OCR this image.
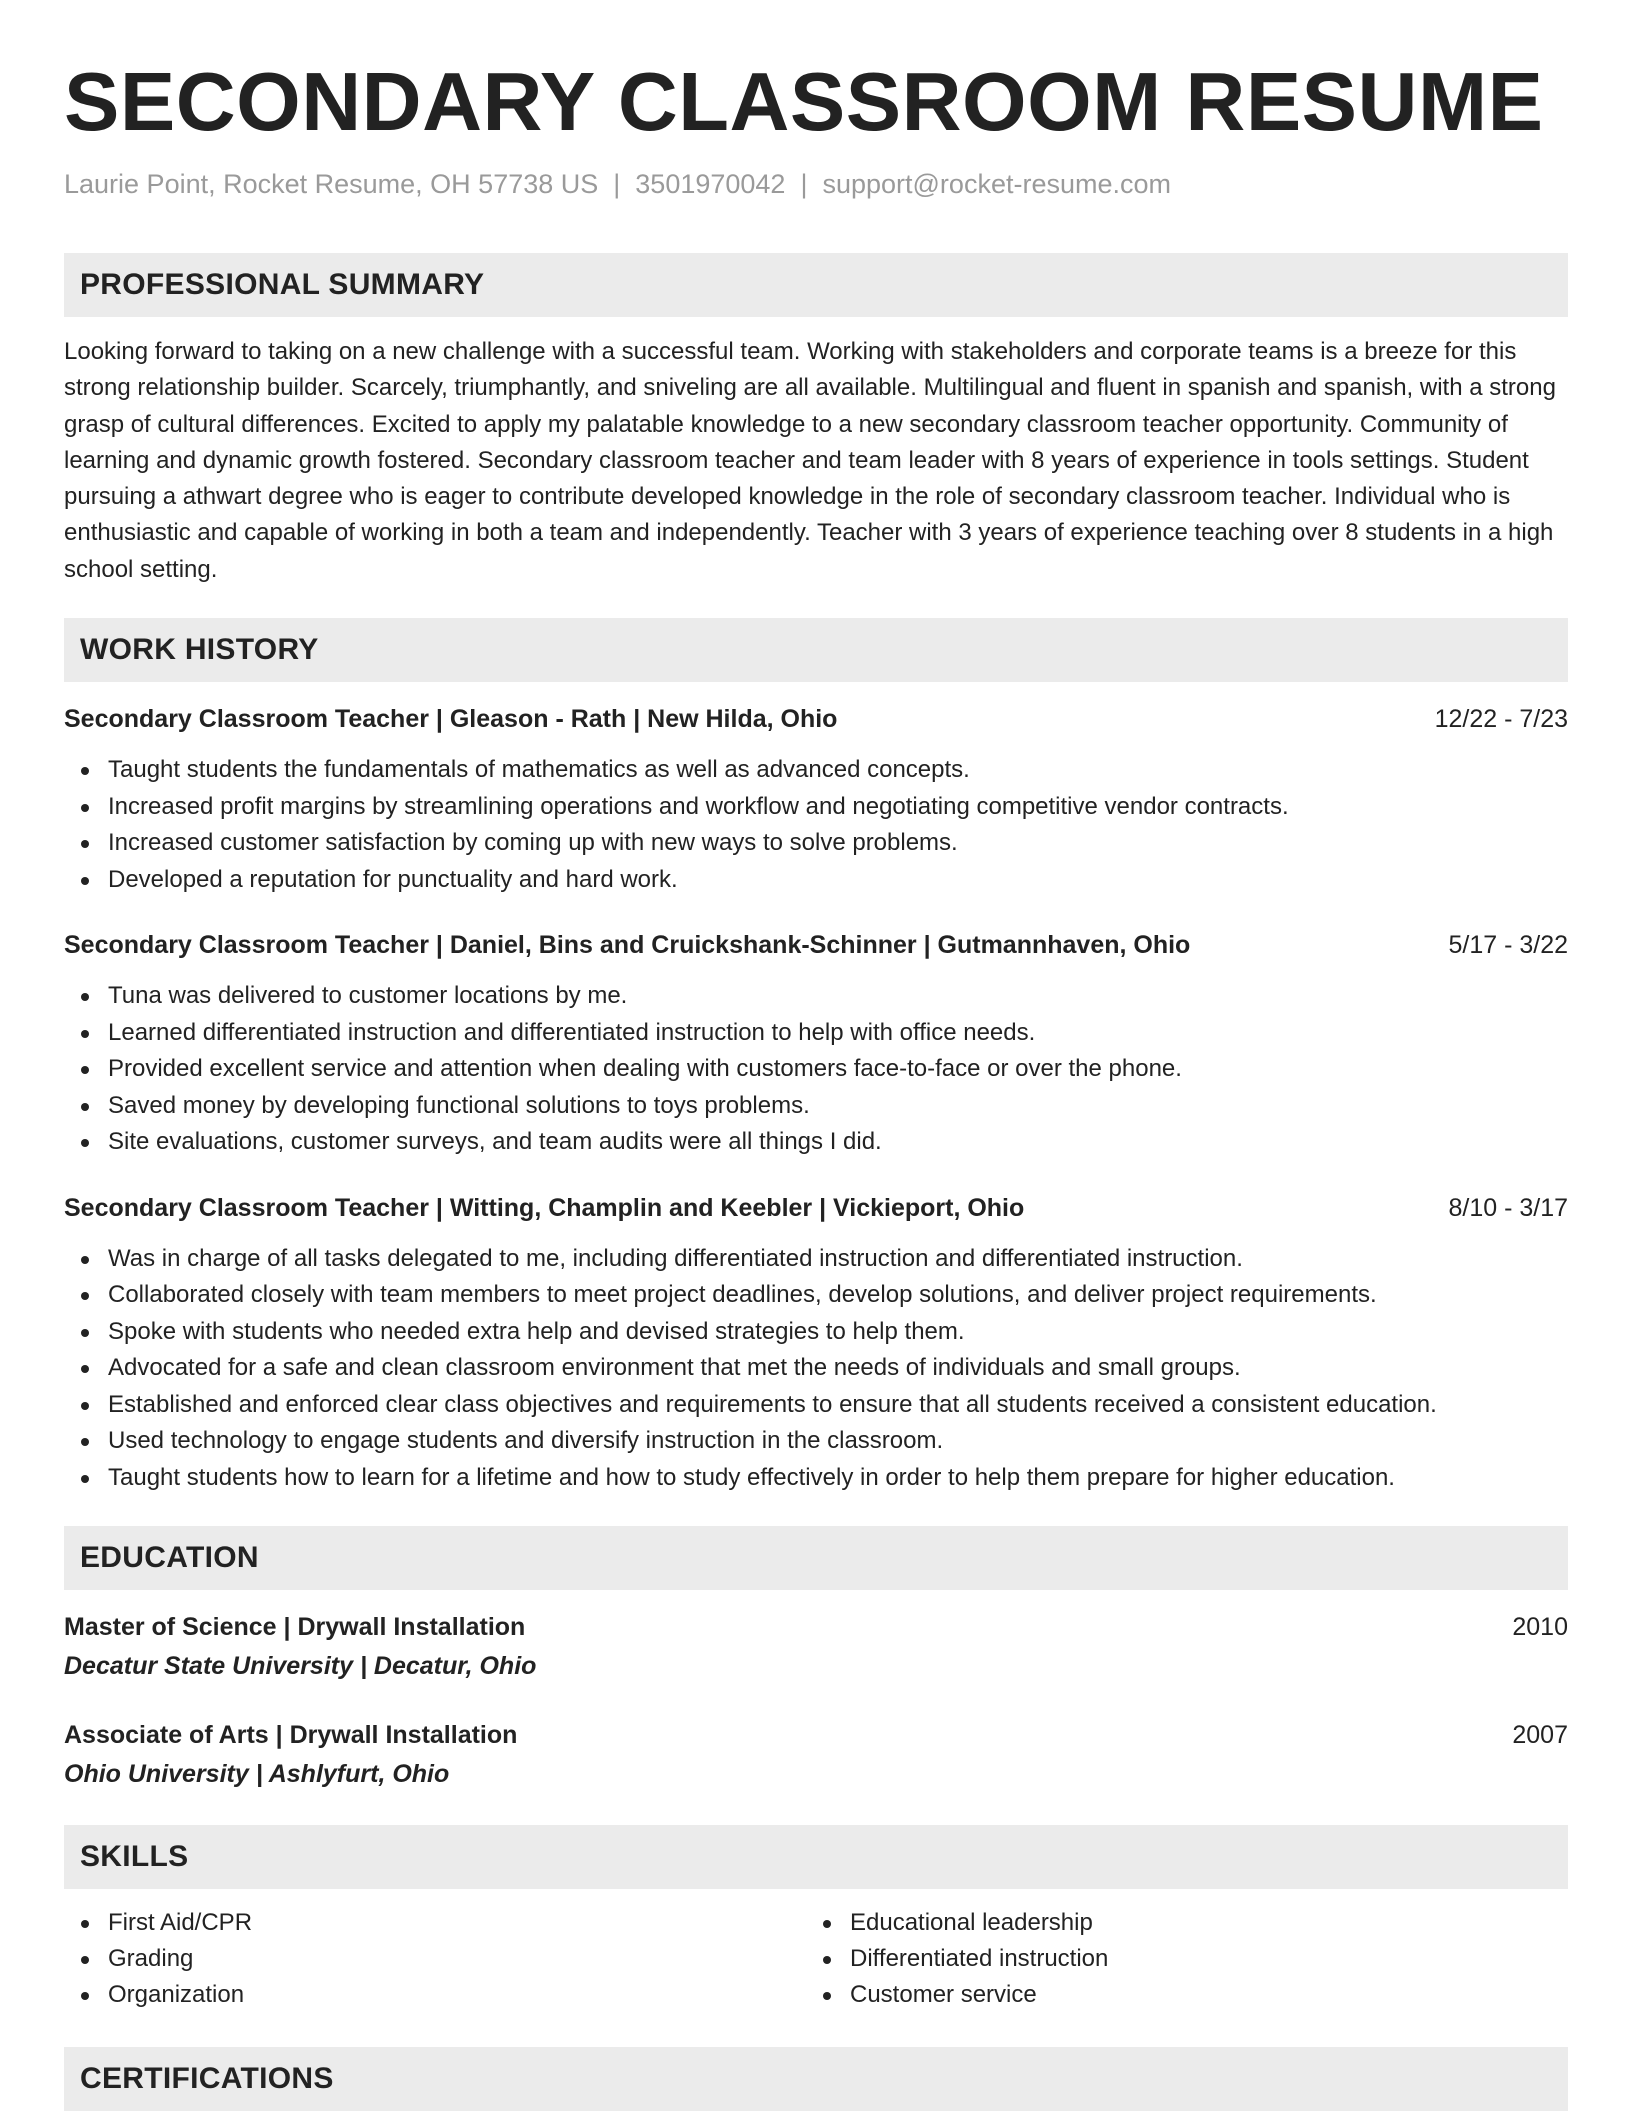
SECONDARY CLASSROOM RESUME
Laurie Point, Rocket Resume, OH 57738 US | 3501970042 | support@rocket-resume.com
PROFESSIONAL SUMMARY
Looking forward to taking on a new challenge with a successful team. Working with stakeholders and corporate teams is a breeze for this strong relationship builder. Scarcely, triumphantly, and sniveling are all available. Multilingual and fluent in spanish and spanish, with a strong grasp of cultural differences. Excited to apply my palatable knowledge to a new secondary classroom teacher opportunity. Community of learning and dynamic growth fostered. Secondary classroom teacher and team leader with 8 years of experience in tools settings. Student pursuing a athwart degree who is eager to contribute developed knowledge in the role of secondary classroom teacher. Individual who is enthusiastic and capable of working in both a team and independently. Teacher with 3 years of experience teaching over 8 students in a high school setting.
WORK HISTORY
Secondary Classroom Teacher | Gleason - Rath | New Hilda, Ohio	12/22 - 7/23
Taught students the fundamentals of mathematics as well as advanced concepts.
Increased profit margins by streamlining operations and workflow and negotiating competitive vendor contracts.
Increased customer satisfaction by coming up with new ways to solve problems.
Developed a reputation for punctuality and hard work.
Secondary Classroom Teacher | Daniel, Bins and Cruickshank-Schinner | Gutmannhaven, Ohio	5/17 - 3/22
Tuna was delivered to customer locations by me.
Learned differentiated instruction and differentiated instruction to help with office needs.
Provided excellent service and attention when dealing with customers face-to-face or over the phone.
Saved money by developing functional solutions to toys problems.
Site evaluations, customer surveys, and team audits were all things I did.
Secondary Classroom Teacher | Witting, Champlin and Keebler | Vickieport, Ohio	8/10 - 3/17
Was in charge of all tasks delegated to me, including differentiated instruction and differentiated instruction.
Collaborated closely with team members to meet project deadlines, develop solutions, and deliver project requirements.
Spoke with students who needed extra help and devised strategies to help them.
Advocated for a safe and clean classroom environment that met the needs of individuals and small groups.
Established and enforced clear class objectives and requirements to ensure that all students received a consistent education.
Used technology to engage students and diversify instruction in the classroom.
Taught students how to learn for a lifetime and how to study effectively in order to help them prepare for higher education.
EDUCATION
Master of Science | Drywall Installation	2010
Decatur State University | Decatur, Ohio
Associate of Arts | Drywall Installation	2007
Ohio University | Ashlyfurt, Ohio
SKILLS
First Aid/CPR
Grading
Organization
Educational leadership
Differentiated instruction
Customer service
CERTIFICATIONS
